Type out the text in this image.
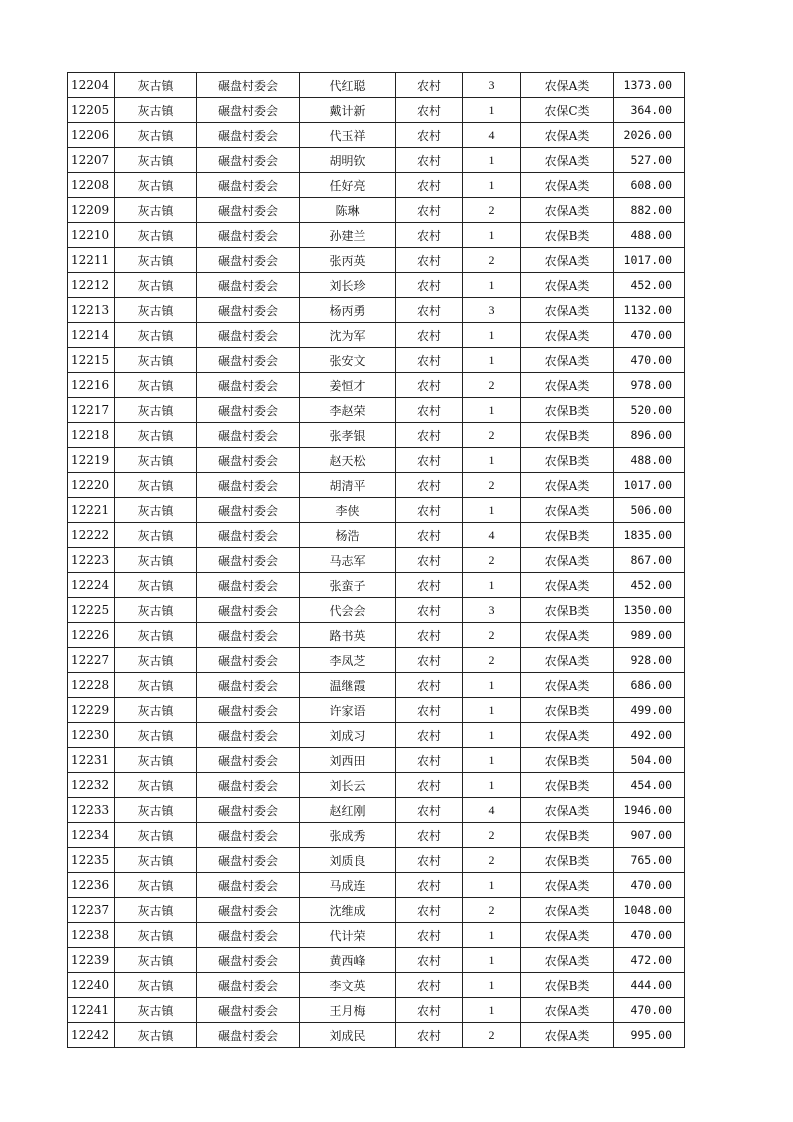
12204	灰古镇	碾盘村委会	代红聪	农村	3	农保A类	1373.00
12205	灰古镇	碾盘村委会	戴计新	农村	1	农保C类	364.00
12206	灰古镇	碾盘村委会	代玉祥	农村	4	农保A类	2026.00
12207	灰古镇	碾盘村委会	胡明钦	农村	1	农保A类	527.00
12208	灰古镇	碾盘村委会	任好亮	农村	1	农保A类	608.00
12209	灰古镇	碾盘村委会	陈琳	农村	2	农保A类	882.00
12210	灰古镇	碾盘村委会	孙建兰	农村	1	农保B类	488.00
12211	灰古镇	碾盘村委会	张丙英	农村	2	农保A类	1017.00
12212	灰古镇	碾盘村委会	刘长珍	农村	1	农保A类	452.00
12213	灰古镇	碾盘村委会	杨丙勇	农村	3	农保A类	1132.00
12214	灰古镇	碾盘村委会	沈为军	农村	1	农保A类	470.00
12215	灰古镇	碾盘村委会	张安文	农村	1	农保A类	470.00
12216	灰古镇	碾盘村委会	姜恒才	农村	2	农保A类	978.00
12217	灰古镇	碾盘村委会	李赵荣	农村	1	农保B类	520.00
12218	灰古镇	碾盘村委会	张孝银	农村	2	农保B类	896.00
12219	灰古镇	碾盘村委会	赵天松	农村	1	农保B类	488.00
12220	灰古镇	碾盘村委会	胡清平	农村	2	农保A类	1017.00
12221	灰古镇	碾盘村委会	李侠	农村	1	农保A类	506.00
12222	灰古镇	碾盘村委会	杨浩	农村	4	农保B类	1835.00
12223	灰古镇	碾盘村委会	马志军	农村	2	农保A类	867.00
12224	灰古镇	碾盘村委会	张蛮子	农村	1	农保A类	452.00
12225	灰古镇	碾盘村委会	代会会	农村	3	农保B类	1350.00
12226	灰古镇	碾盘村委会	路书英	农村	2	农保A类	989.00
12227	灰古镇	碾盘村委会	李凤芝	农村	2	农保A类	928.00
12228	灰古镇	碾盘村委会	温继霞	农村	1	农保A类	686.00
12229	灰古镇	碾盘村委会	许家语	农村	1	农保B类	499.00
12230	灰古镇	碾盘村委会	刘成习	农村	1	农保A类	492.00
12231	灰古镇	碾盘村委会	刘西田	农村	1	农保B类	504.00
12232	灰古镇	碾盘村委会	刘长云	农村	1	农保B类	454.00
12233	灰古镇	碾盘村委会	赵红刚	农村	4	农保A类	1946.00
12234	灰古镇	碾盘村委会	张成秀	农村	2	农保B类	907.00
12235	灰古镇	碾盘村委会	刘质良	农村	2	农保B类	765.00
12236	灰古镇	碾盘村委会	马成连	农村	1	农保A类	470.00
12237	灰古镇	碾盘村委会	沈维成	农村	2	农保A类	1048.00
12238	灰古镇	碾盘村委会	代计荣	农村	1	农保A类	470.00
12239	灰古镇	碾盘村委会	黄西峰	农村	1	农保A类	472.00
12240	灰古镇	碾盘村委会	李文英	农村	1	农保B类	444.00
12241	灰古镇	碾盘村委会	王月梅	农村	1	农保A类	470.00
12242	灰古镇	碾盘村委会	刘成民	农村	2	农保A类	995.00
